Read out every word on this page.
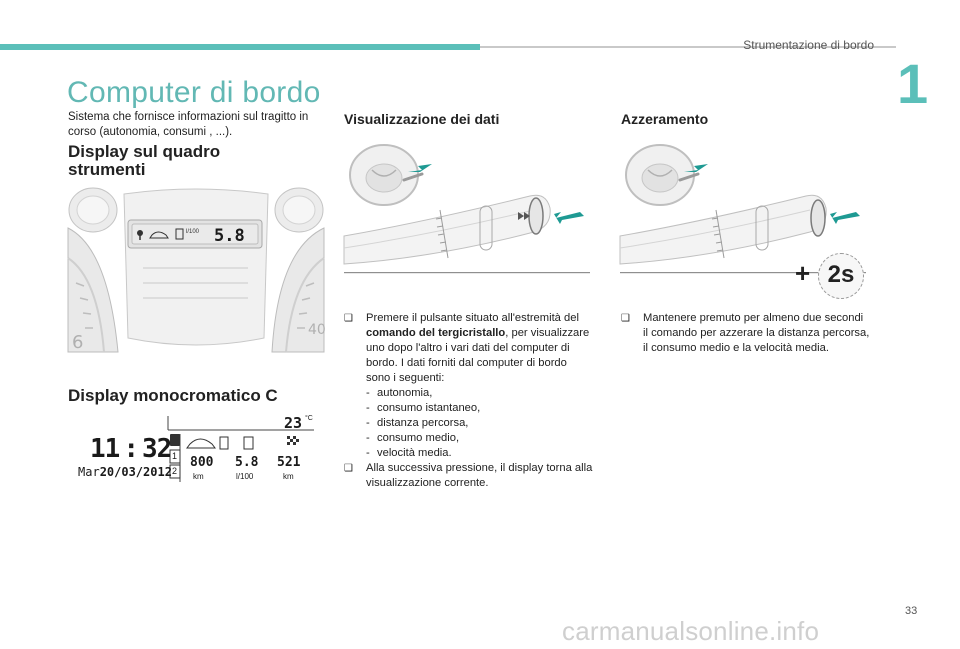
Strumentazione di bordo
1
Computer di bordo
Sistema che fornisce informazioni sul tragitto in corso (autonomia, consumi , ...).
Display sul quadro
strumenti
6
40
5.8
l/100
Display monocromatico C
23 °C
11 : 32
Mar20/03/2012
1
2
800
km
5.8
l/100
521
km
Visualizzazione dei dati
❑ Premere il pulsante situato all'estremità del comando del tergicristallo, per visualizzare uno dopo l'altro i vari dati del computer di bordo. I dati forniti dal computer di bordo sono i seguenti:
- autonomia,
- consumo istantaneo,
- distanza percorsa,
- consumo medio,
- velocità media.
❑ Alla successiva pressione, il display torna alla visualizzazione corrente.
Azzeramento
+ 2s
❑ Mantenere premuto per almeno due secondi il comando per azzerare la distanza percorsa, il consumo medio e la velocità media.
33
carmanualsonline.info
